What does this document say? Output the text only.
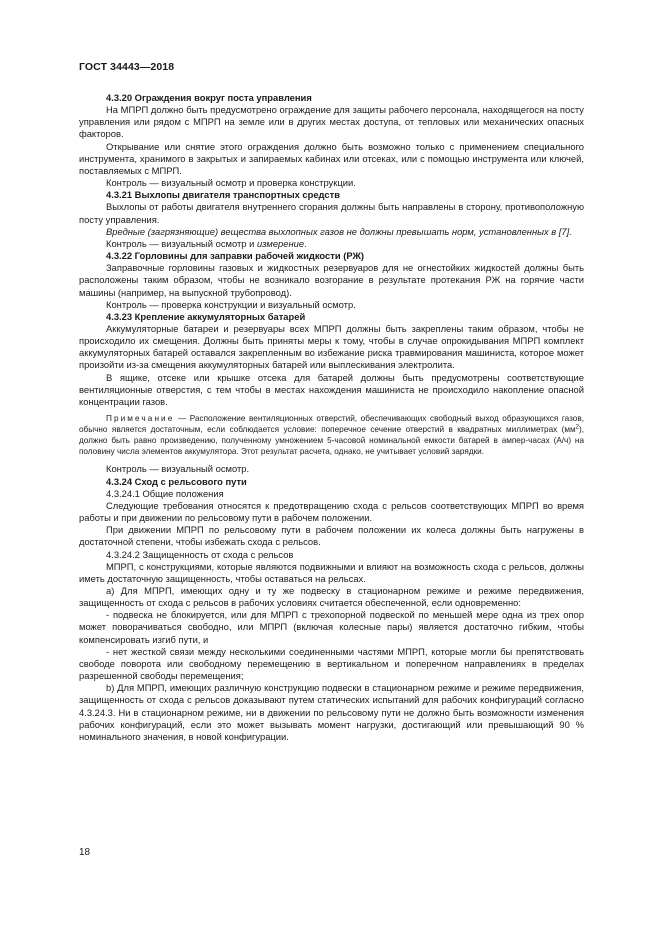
ГОСТ 34443—2018

4.3.20 Ограждения вокруг поста управления

На МПРП должно быть предусмотрено ограждение для защиты рабочего персонала, находящегося на посту управления или рядом с МПРП на земле или в других местах доступа, от тепловых или механических опасных факторов.

Открывание или снятие этого ограждения должно быть возможно только с применением специального инструмента, хранимого в закрытых и запираемых кабинах или отсеках, или с помощью инструмента или ключей, поставляемых с МПРП.

Контроль — визуальный осмотр и проверка конструкции.

4.3.21 Выхлопы двигателя транспортных средств

Выхлопы от работы двигателя внутреннего сгорания должны быть направлены в сторону, противоположную посту управления.

Вредные (загрязняющие) вещества выхлопных газов не должны превышать норм, установленных в [7].

Контроль — визуальный осмотр и измерение.

4.3.22 Горловины для заправки рабочей жидкости (РЖ)

Заправочные горловины газовых и жидкостных резервуаров для не огнестойких жидкостей должны быть расположены таким образом, чтобы не возникало возгорание в результате протекания РЖ на горячие части машины (например, на выпускной трубопровод).

Контроль — проверка конструкции и визуальный осмотр.

4.3.23 Крепление аккумуляторных батарей

Аккумуляторные батареи и резервуары всех МПРП должны быть закреплены таким образом, чтобы не происходило их смещения. Должны быть приняты меры к тому, чтобы в случае опрокидывания МПРП комплект аккумуляторных батарей оставался закрепленным во избежание риска травмирования машиниста, которое может произойти из-за смещения аккумуляторных батарей или выплескивания электролита.

В ящике, отсеке или крышке отсека для батарей должны быть предусмотрены соответствующие вентиляционные отверстия, с тем чтобы в местах нахождения машиниста не происходило накопление опасной концентрации газов.

Примечание — Расположение вентиляционных отверстий, обеспечивающих свободный выход образующихся газов, обычно является достаточным, если соблюдается условие: поперечное сечение отверстий в квадратных миллиметрах $(мм^2)$, должно быть равно произведению, полученному умножением 5-часовой номинальной емкости батарей в ампер-часах (А/ч) на половину числа элементов аккумулятора. Этот результат расчета, однако, не учитывает условий зарядки.

Контроль — визуальный осмотр.

4.3.24 Сход с рельсового пути

4.3.24.1 Общие положения

Следующие требования относятся к предотвращению схода с рельсов соответствующих МПРП во время работы и при движении по рельсовому пути в рабочем положении.

При движении МПРП по рельсовому пути в рабочем положении их колеса должны быть нагружены в достаточной степени, чтобы избежать схода с рельсов.

4.3.24.2 Защищенность от схода с рельсов

МПРП, с конструкциями, которые являются подвижными и влияют на возможность схода с рельсов, должны иметь достаточную защищенность, чтобы оставаться на рельсах.

а) Для МПРП, имеющих одну и ту же подвеску в стационарном режиме и режиме передвижения, защищенность от схода с рельсов в рабочих условиях считается обеспеченной, если одновременно:

- подвеска не блокируется, или для МПРП с трехопорной подвеской по меньшей мере одна из трех опор может поворачиваться свободно, или МПРП (включая колесные пары) является достаточно гибким, чтобы компенсировать изгиб пути, и

- нет жесткой связи между несколькими соединенными частями МПРП, которые могли бы препятствовать свободе поворота или свободному перемещению в вертикальном и поперечном направлениях в пределах разрешенной свободы перемещения;

b) Для МПРП, имеющих различную конструкцию подвески в стационарном режиме и режиме передвижения, защищенность от схода с рельсов доказывают путем статических испытаний для рабочих конфигураций согласно 4.3.24.3. Ни в стационарном режиме, ни в движении по рельсовому пути не должно быть возможности изменения рабочих конфигураций, если это может вызывать момент нагрузки, достигающий или превышающий 90 % номинального значения, в новой конфигурации.

18
